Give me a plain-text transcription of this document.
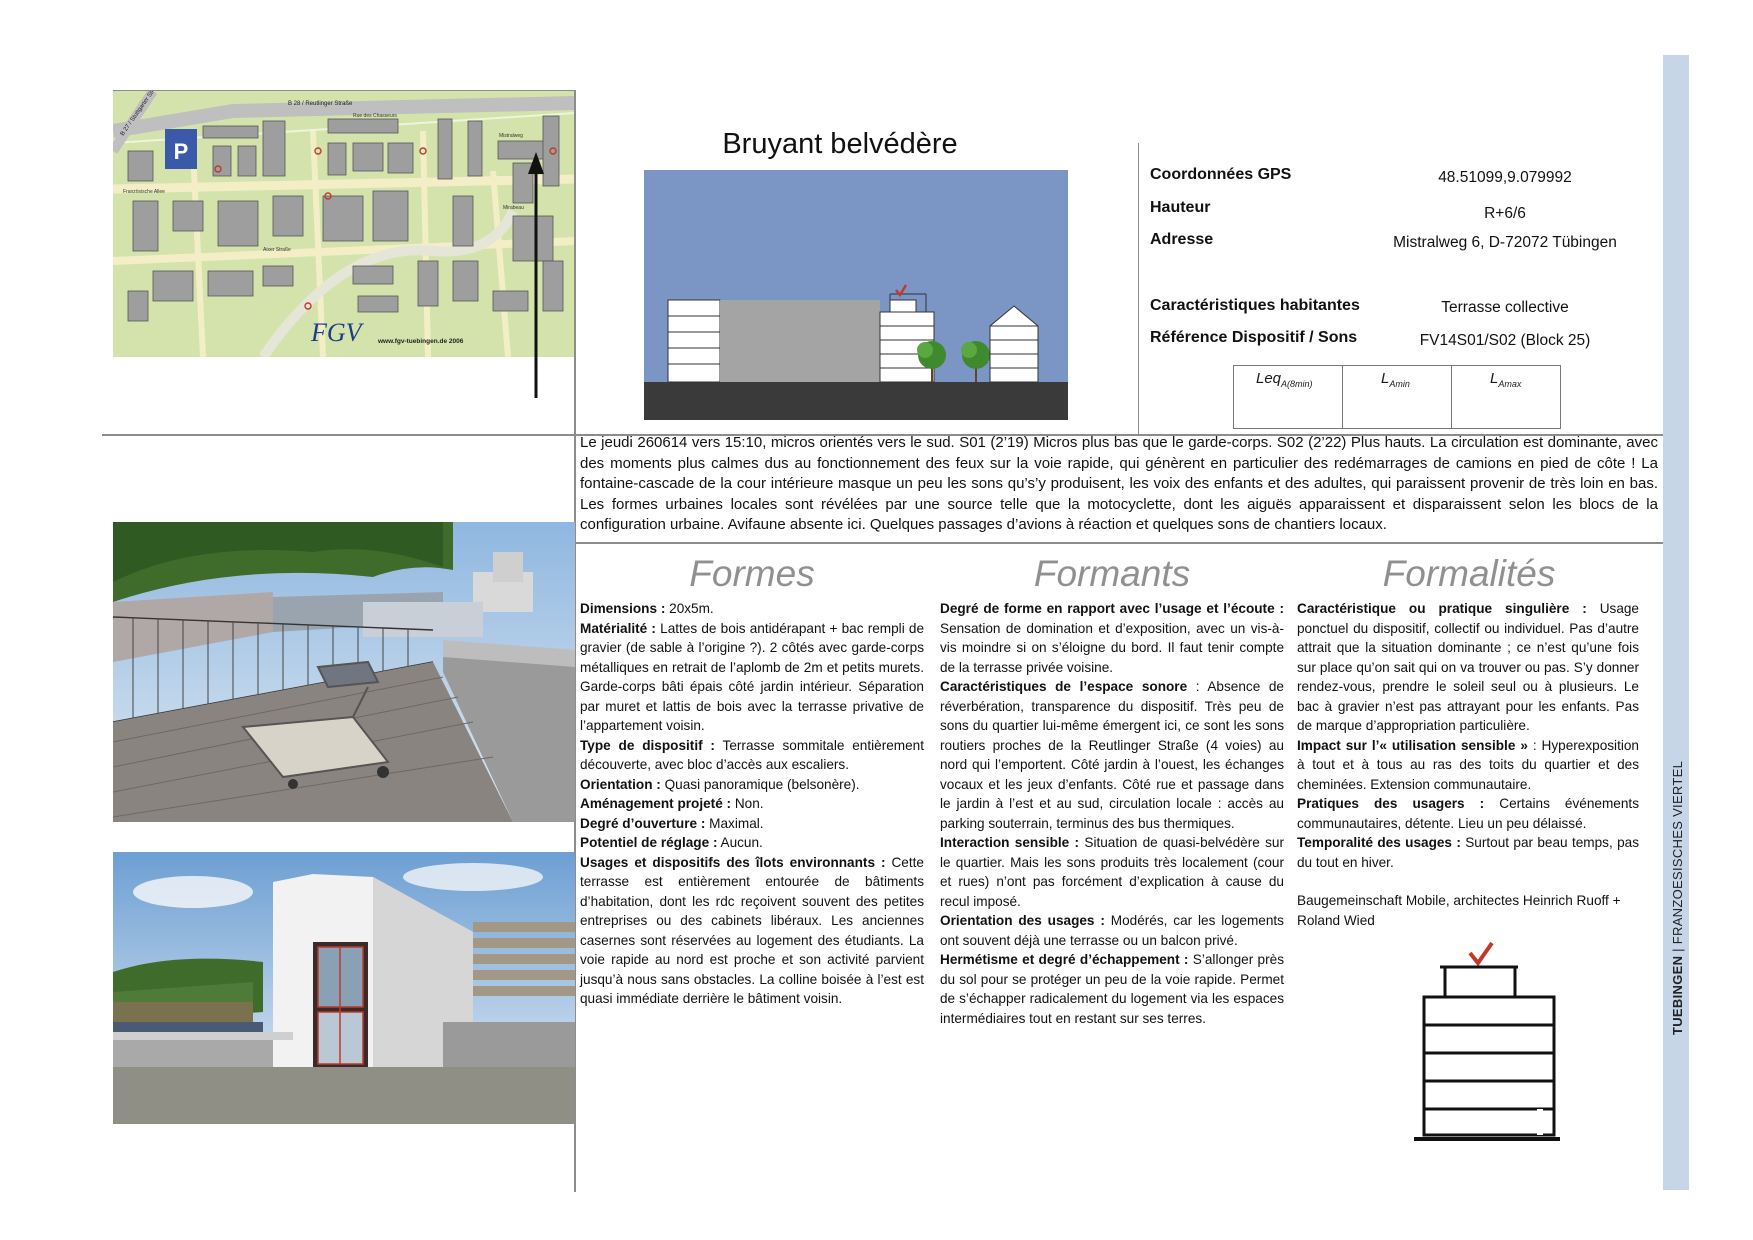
P
B 28 / Reutlinger Straße
Französische Allee
Aixer Straße
Mirabeau
Mistralweg
Rue des Chasseurs
FGV	www.fgv-tuebingen.de 2006
Bruyant belvédère
Coordonnées GPS	48.51099,9.079992
Hauteur	R+6/6
Adresse	Mistralweg 6, D-72072 Tübingen
Caractéristiques habitantes	Terrasse collective
Référence Dispositif / Sons	FV14S01/S02 (Block 25)
Leq$_{A(8min)}$	$L_{Amin}$	$L_{Amax}$
Le jeudi 260614 vers 15:10, micros orientés vers le sud. S01 (2’19) Micros plus bas que le garde-corps. S02 (2’22) Plus hauts. La circulation est dominante, avec des moments plus calmes dus au fonctionnement des feux sur la voie rapide, qui génèrent en particulier des redémarrages de camions en pied de côte ! La fontaine-cascade de la cour intérieure masque un peu les sons qu’s’y produisent, les voix des enfants et des adultes, qui paraissent provenir de très loin en bas. Les formes urbaines locales sont révélées par une source telle que la motocyclette, dont les aiguës apparaissent et disparaissent selon les blocs de la configuration urbaine. Avifaune absente ici. Quelques passages d’avions à réaction et quelques sons de chantiers locaux.
Formes	Formants	Formalités

Dimensions : 20x5m.

Matérialité : Lattes de bois antidérapant + bac rempli de gravier (de sable à l’origine ?). 2 côtés avec garde-corps métalliques en retrait de l’aplomb de 2m et petits murets. Garde-corps bâti épais côté jardin intérieur. Séparation par muret et lattis de bois avec la terrasse privative de l’appartement voisin.

Type de dispositif : Terrasse sommitale entièrement découverte, avec bloc d’accès aux escaliers.

Orientation : Quasi panoramique (belsonère).

Aménagement projeté : Non.

Degré d’ouverture : Maximal.

Potentiel de réglage : Aucun.

Usages et dispositifs des îlots environnants : Cette terrasse est entièrement entourée de bâtiments d’habitation, dont les rdc reçoivent souvent des petites entreprises ou des cabinets libéraux. Les anciennes casernes sont réservées au logement des étudiants. La voie rapide au nord est proche et son activité parvient jusqu’à nous sans obstacles. La colline boisée à l’est est quasi immédiate derrière le bâtiment voisin.

Degré de forme en rapport avec l’usage et l’écoute : Sensation de domination et d’exposition, avec un vis-à-vis moindre si on s’éloigne du bord. Il faut tenir compte de la terrasse privée voisine.

Caractéristiques de l’espace sonore : Absence de réverbération, transparence du dispositif. Très peu de sons du quartier lui-même émergent ici, ce sont les sons routiers proches de la Reutlinger Straße (4 voies) au nord qui l’emportent. Côté jardin à l’ouest, les échanges vocaux et les jeux d’enfants. Côté rue et passage dans le jardin à l’est et au sud, circulation locale : accès au parking souterrain, terminus des bus thermiques.

Interaction sensible : Situation de quasi-belvédère sur le quartier. Mais les sons produits très localement (cour et rues) n’ont pas forcément d’explication à cause du recul imposé.

Orientation des usages : Modérés, car les logements ont souvent déjà une terrasse ou un balcon privé.

Hermétisme et degré d’échappement : S’allonger près du sol pour se protéger un peu de la voie rapide. Permet de s’échapper radicalement du logement via les espaces intermédiaires tout en restant sur ses terres.

Caractéristique ou pratique singulière : Usage ponctuel du dispositif, collectif ou individuel. Pas d’autre attrait que la situation dominante ; ce n’est qu’une fois sur place qu’on sait qui on va trouver ou pas. S’y donner rendez-vous, prendre le soleil seul ou à plusieurs. Le bac à gravier n’est pas attrayant pour les enfants. Pas de marque d’appropriation particulière.

Impact sur l’« utilisation sensible » : Hyperexposition à tout et à tous au ras des toits du quartier et des cheminées. Extension communautaire.

Pratiques des usagers : Certains événements communautaires, détente. Lieu un peu délaissé.

Temporalité des usages : Surtout par beau temps, pas du tout en hiver.

Baugemeinschaft Mobile, architectes Heinrich Ruoff + Roland Wied

TUEBINGEN | FRANZOESISCHES VIERTEL
